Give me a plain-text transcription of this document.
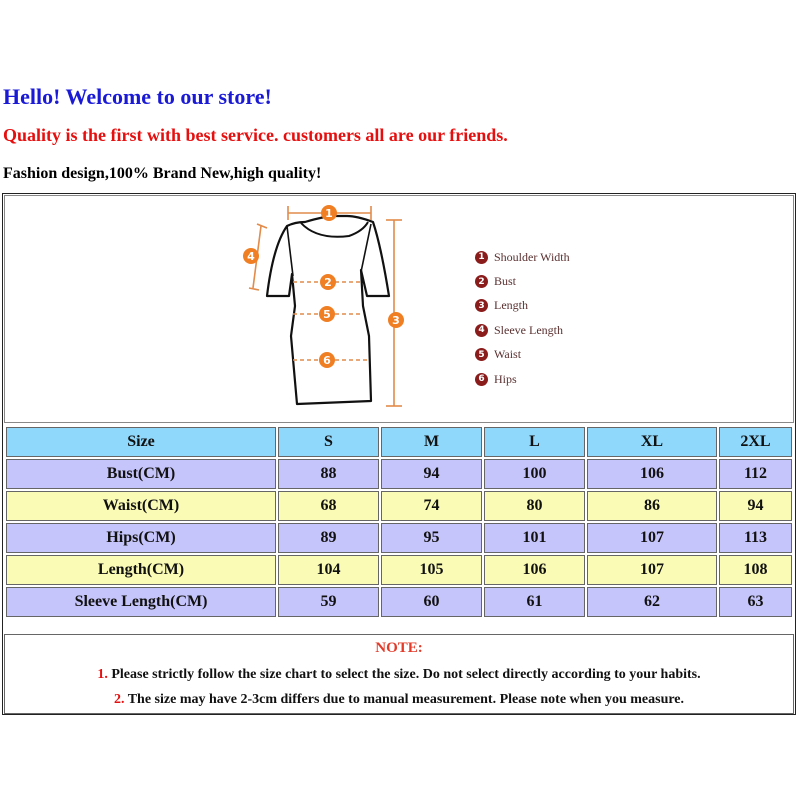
Hello! Welcome to our store!
Quality is the first with best service. customers all are our friends.
Fashion design,100% Brand New,high quality!
1
2
3
4
5
6
1 Shoulder Width
2 Bust
3 Length
4 Sleeve Length
5 Waist
6 Hips
Size	S	M	L	XL	2XL
Bust(CM)	88	94	100	106	112
Waist(CM)	68	74	80	86	94
Hips(CM)	89	95	101	107	113
Length(CM)	104	105	106	107	108
Sleeve Length(CM)	59	60	61	62	63
NOTE:
1. Please strictly follow the size chart to select the size. Do not select directly according to your habits.
2. The size may have 2-3cm differs due to manual measurement. Please note when you measure.
